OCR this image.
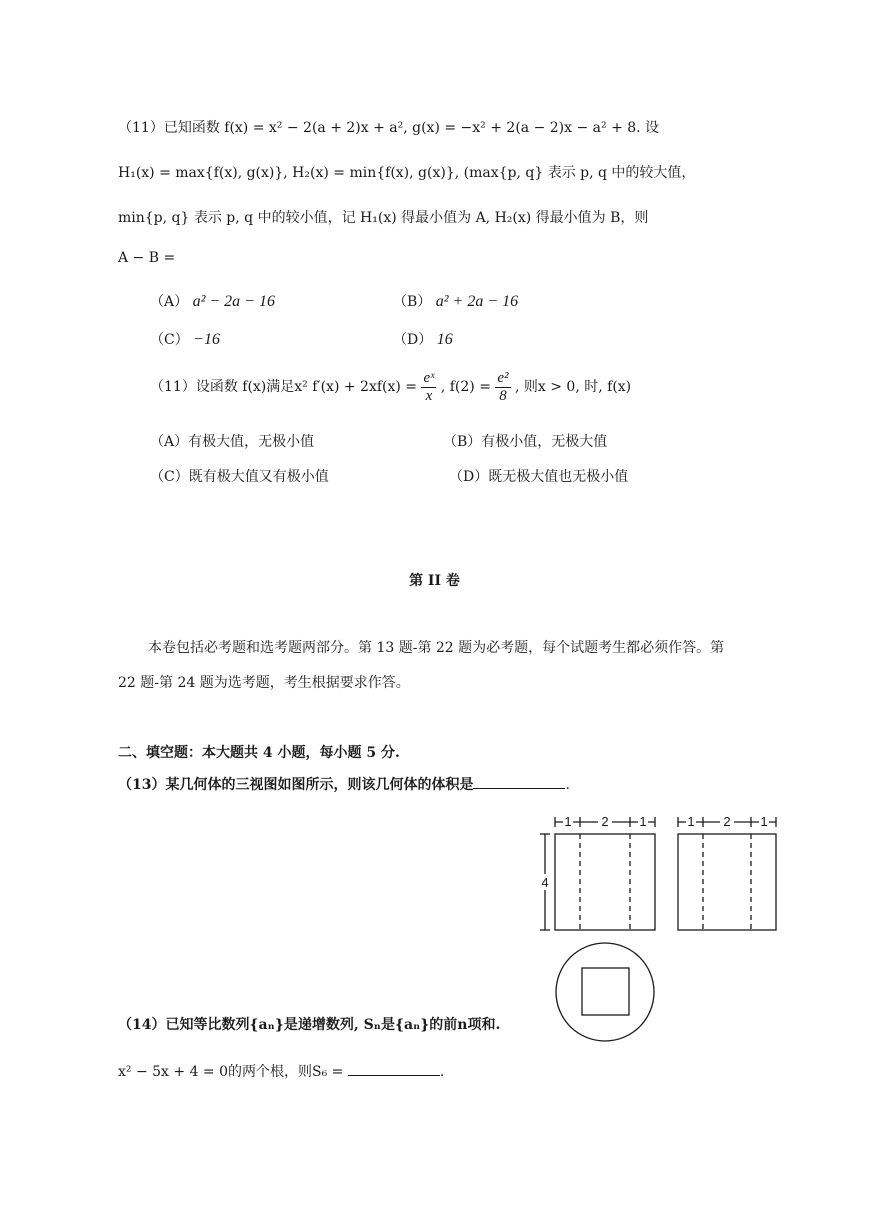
（11）已知函数 f(x) = x² − 2(a + 2)x + a², g(x) = −x² + 2(a − 2)x − a² + 8. 设
H₁(x) = max{f(x), g(x)}, H₂(x) = min{f(x), g(x)}, (max{p, q} 表示 p, q 中的较大值，
min{p, q} 表示 p, q 中的较小值，记 H₁(x) 得最小值为 A, H₂(x) 得最小值为 B，则
A − B =
（A） a² − 2a − 16	（B） a² + 2a − 16
（C） −16	（D） 16
（11）设函数 f(x)满足x² $f'(x) + 2xf(x) = \frac{\text{eˣ}}{x}$ , $f(2) = \frac{\text{e²}}{8}$ , 则x > 0, 时, f(x)
（A）有极大值，无极小值	（B）有极小值，无极大值
（C）既有极大值又有极小值	（D）既无极大值也无极小值
第 II 卷
本卷包括必考题和选考题两部分。第 13 题-第 22 题为必考题，每个试题考生都必须作答。第
22 题-第 24 题为选考题，考生根据要求作答。
二、填空题：本大题共 4 小题，每小题 5 分.
（13）某几何体的三视图如图所示，则该几何体的体积是	.
1 2 1
4
1 2 1
（14）已知等比数列{aₙ}是递增数列, Sₙ是{aₙ}的前n项和.
x² − 5x + 4 = 0的两个根，则S₆ =	.
